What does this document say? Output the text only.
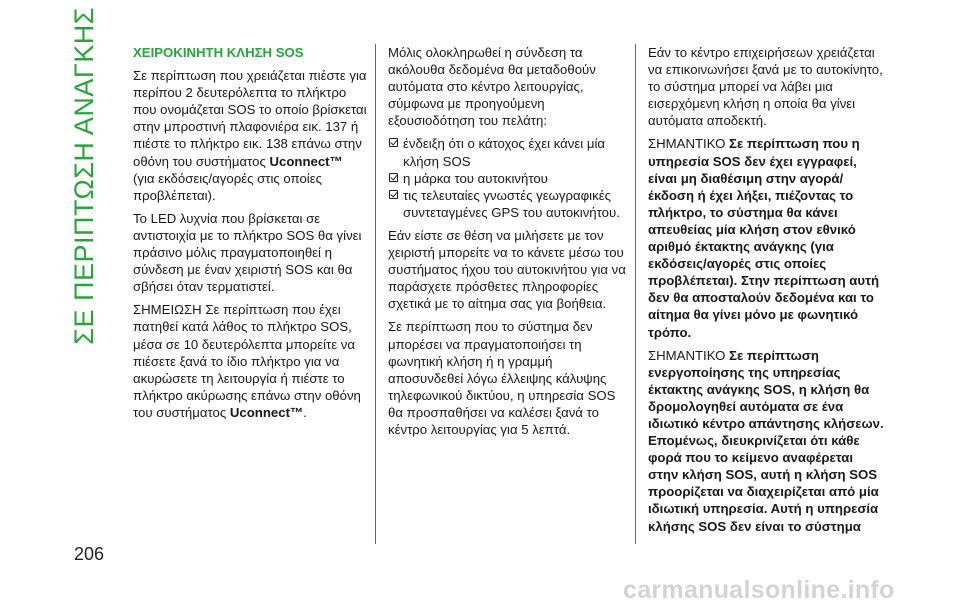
ΣΕ ΠΕΡΙΠΤΩΣΗ ΑΝΑΓΚΗΣ	ΧΕΙΡΟΚΙΝΗΤΗ ΚΛΗΣΗ SOS

Σε περίπτωση που χρειάζεται πιέστε για περίπου 2 δευτερόλεπτα το πλήκτρο που ονομάζεται SOS το οποίο βρίσκεται στην μπροστινή πλαφονιέρα εικ. 137 ή πιέστε το πλήκτρο εικ. 138 επάνω στην οθόνη του συστήματος Uconnect™
(για εκδόσεις/αγορές στις οποίες προβλέπεται).

Το LED λυχνία που βρίσκεται σε αντιστοιχία με το πλήκτρο SOS θα γίνει πράσινο μόλις πραγματοποιηθεί η σύνδεση με έναν χειριστή SOS και θα σβήσει όταν τερματιστεί.

ΣΗΜΕΙΩΣΗ Σε περίπτωση που έχει πατηθεί κατά λάθος το πλήκτρο SOS, μέσα σε 10 δευτερόλεπτα μπορείτε να πιέσετε ξανά το ίδιο πλήκτρο για να ακυρώσετε τη λειτουργία ή πιέστε το πλήκτρο ακύρωσης επάνω στην οθόνη του συστήματος Uconnect™.

Μόλις ολοκληρωθεί η σύνδεση τα ακόλουθα δεδομένα θα μεταδοθούν αυτόματα στο κέντρο λειτουργίας, σύμφωνα με προηγούμενη εξουσιοδότηση του πελάτη:

ένδειξη ότι ο κάτοχος έχει κάνει μία κλήση SOS
η μάρκα του αυτοκινήτου
τις τελευταίες γνωστές γεωγραφικές συντεταγμένες GPS του αυτοκινήτου.

Εάν είστε σε θέση να μιλήσετε με τον χειριστή μπορείτε να το κάνετε μέσω του συστήματος ήχου του αυτοκινήτου για να παράσχετε πρόσθετες πληροφορίες σχετικά με το αίτημα σας για βοήθεια.

Σε περίπτωση που το σύστημα δεν μπορέσει να πραγματοποιήσει τη φωνητική κλήση ή η γραμμή αποσυνδεθεί λόγω έλλειψης κάλυψης τηλεφωνικού δικτύου, η υπηρεσία SOS θα προσπαθήσει να καλέσει ξανά το κέντρο λειτουργίας για 5 λεπτά.

Εάν το κέντρο επιχειρήσεων χρειάζεται να επικοινωνήσει ξανά με το αυτοκίνητο, το σύστημα μπορεί να λάβει μια εισερχόμενη κλήση η οποία θα γίνει αυτόματα αποδεκτή.

ΣΗΜΑΝΤΙΚΟ Σε περίπτωση που η υπηρεσία SOS δεν έχει εγγραφεί, είναι μη διαθέσιμη στην αγορά/έκδοση ή έχει λήξει, πιέζοντας το πλήκτρο, το σύστημα θα κάνει απευθείας μία κλήση στον εθνικό αριθμό έκτακτης ανάγκης (για εκδόσεις/αγορές στις οποίες προβλέπεται). Στην περίπτωση αυτή δεν θα αποσταλούν δεδομένα και το αίτημα θα γίνει μόνο με φωνητικό τρόπο.

ΣΗΜΑΝΤΙΚΟ Σε περίπτωση ενεργοποίησης της υπηρεσίας έκτακτης ανάγκης SOS, η κλήση θα δρομολογηθεί αυτόματα σε ένα ιδιωτικό κέντρο απάντησης κλήσεων. Επομένως, διευκρινίζεται ότι κάθε φορά που το κείμενο αναφέρεται στην κλήση SOS, αυτή η κλήση SOS προορίζεται να διαχειρίζεται από μία ιδιωτική υπηρεσία. Αυτή η υπηρεσία κλήσης SOS δεν είναι το σύστημα

206
carmanualsonline.info
